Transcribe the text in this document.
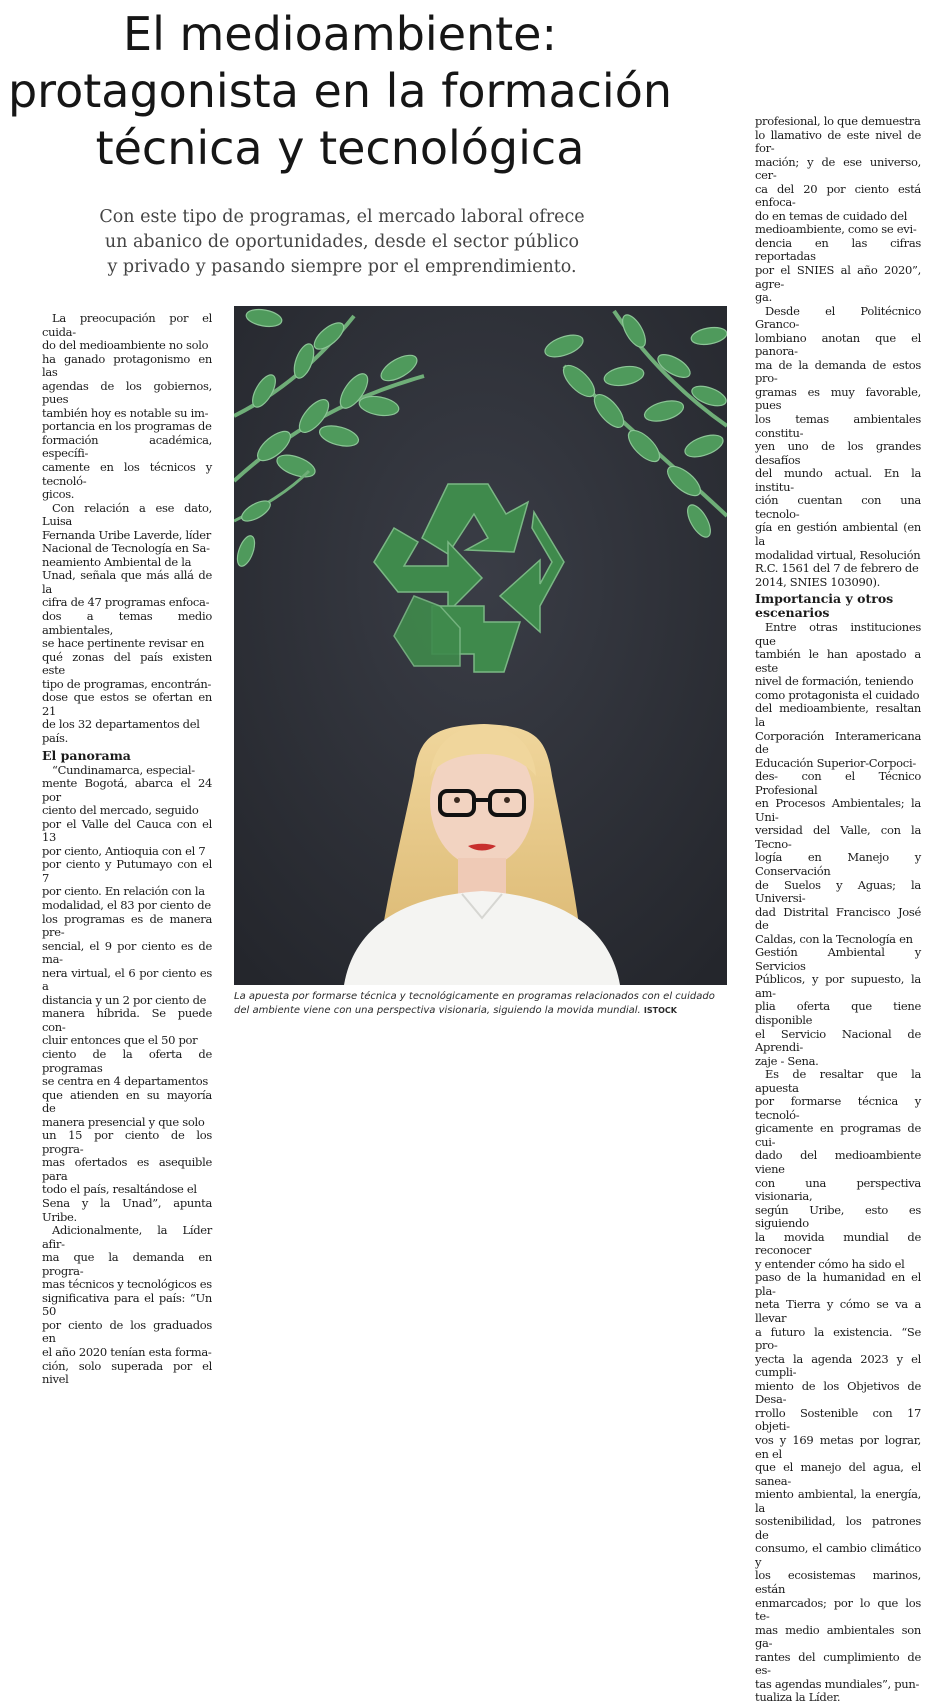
El medioambiente:
protagonista en la formación
técnica y tecnológica

Con este tipo de programas, el mercado laboral ofrece
un abanico de oportunidades, desde el sector público
y privado y pasando siempre por el emprendimiento.

La preocupación por el cuida-
do del medioambiente no solo
ha ganado protagonismo en las
agendas de los gobiernos, pues
también hoy es notable su im-
portancia en los programas de
formación académica, específi-
camente en los técnicos y tecnoló-
gicos.

Con relación a ese dato, Luisa
Fernanda Uribe Laverde, líder
Nacional de Tecnología en Sa-
neamiento Ambiental de la
Unad, señala que más allá de la
cifra de 47 programas enfoca-
dos a temas medio ambientales,
se hace pertinente revisar en
qué zonas del país existen este
tipo de programas, encontrán-
dose que estos se ofertan en 21
de los 32 departamentos del
país.

El panorama

“Cundinamarca, especial-
mente Bogotá, abarca el 24 por
ciento del mercado, seguido
por el Valle del Cauca con el 13
por ciento, Antioquia con el 7
por ciento y Putumayo con el 7
por ciento. En relación con la
modalidad, el 83 por ciento de
los programas es de manera pre-
sencial, el 9 por ciento es de ma-
nera virtual, el 6 por ciento es a
distancia y un 2 por ciento de
manera híbrida. Se puede con-
cluir entonces que el 50 por
ciento de la oferta de programas
se centra en 4 departamentos
que atienden en su mayoría de
manera presencial y que solo
un 15 por ciento de los progra-
mas ofertados es asequible para
todo el país, resaltándose el
Sena y la Unad”, apunta Uribe.

Adicionalmente, la Líder afir-
ma que la demanda en progra-
mas técnicos y tecnológicos es
significativa para el país: “Un 50
por ciento de los graduados en
el año 2020 tenían esta forma-
ción, solo superada por el nivel

La apuesta por formarse técnica y tecnológicamente en programas relacionados con el cuidado del ambiente viene con una perspectiva visionaria, siguiendo la movida mundial. ISTOCK

profesional, lo que demuestra
lo llamativo de este nivel de for-
mación; y de ese universo, cer-
ca del 20 por ciento está enfoca-
do en temas de cuidado del
medioambiente, como se evi-
dencia en las cifras reportadas
por el SNIES al año 2020”, agre-
ga.

Desde el Politécnico Granco-
lombiano anotan que el panora-
ma de la demanda de estos pro-
gramas es muy favorable, pues
los temas ambientales constitu-
yen uno de los grandes desafíos
del mundo actual. En la institu-
ción cuentan con una tecnolo-
gía en gestión ambiental (en la
modalidad virtual, Resolución
R.C. 1561 del 7 de febrero de
2014, SNIES 103090).

Importancia y otros
escenarios

Entre otras instituciones que
también le han apostado a este
nivel de formación, teniendo
como protagonista el cuidado
del medioambiente, resaltan la
Corporación Interamericana de
Educación Superior-Corpoci-
des- con el Técnico Profesional
en Procesos Ambientales; la Uni-
versidad del Valle, con la Tecno-
logía en Manejo y Conservación
de Suelos y Aguas; la Universi-
dad Distrital Francisco José de
Caldas, con la Tecnología en
Gestión Ambiental y Servicios
Públicos, y por supuesto, la am-
plia oferta que tiene disponible
el Servicio Nacional de Aprendi-
zaje - Sena.

Es de resaltar que la apuesta
por formarse técnica y tecnoló-
gicamente en programas de cui-
dado del medioambiente viene
con una perspectiva visionaria,
según Uribe, esto es siguiendo
la movida mundial de reconocer
y entender cómo ha sido el
paso de la humanidad en el pla-
neta Tierra y cómo se va a llevar
a futuro la existencia. “Se pro-
yecta la agenda 2023 y el cumpli-
miento de los Objetivos de Desa-
rrollo Sostenible con 17 objeti-
vos y 169 metas por lograr, en el
que el manejo del agua, el sanea-
miento ambiental, la energía, la
sostenibilidad, los patrones de
consumo, el cambio climático y
los ecosistemas marinos, están
enmarcados; por lo que los te-
mas medio ambientales son ga-
rantes del cumplimiento de es-
tas agendas mundiales”, pun-
tualiza la Líder.
